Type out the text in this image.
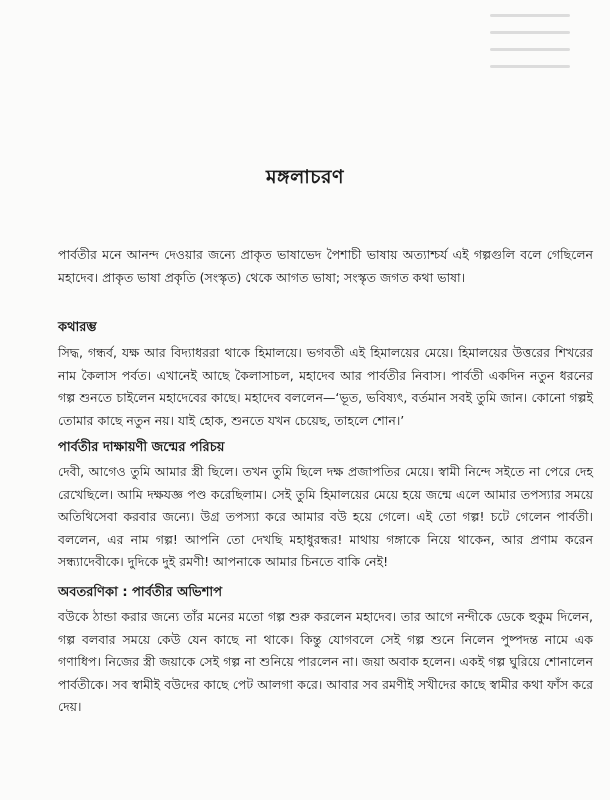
মঙ্গলাচরণ

পার্বতীর মনে আনন্দ দেওয়ার জন্যে প্রাকৃত ভাষাভেদ পৈশাচী ভাষায় অত্যাশ্চর্য এই গল্পগুলি বলে গেছিলেন মহাদেব। প্রাকৃত ভাষা প্রকৃতি (সংস্কৃত) থেকে আগত ভাষা; সংস্কৃত জগত কথা ভাষা।

কথারম্ভ

সিদ্ধ, গন্ধর্ব, যক্ষ আর বিদ্যাধররা থাকে হিমালয়ে। ভগবতী এই হিমালয়ের মেয়ে। হিমালয়ের উত্তরের শিখরের নাম কৈলাস পর্বত। এখানেই আছে কৈলাসাচল, মহাদেব আর পার্বতীর নিবাস। পার্বতী একদিন নতুন ধরনের গল্প শুনতে চাইলেন মহাদেবের কাছে। মহাদেব বললেন—‘ভূত, ভবিষ্যৎ, বর্তমান সবই তুমি জান। কোনো গল্পই তোমার কাছে নতুন নয়। যাই হোক, শুনতে যখন চেয়েছ, তাহলে শোন।’

পার্বতীর দাক্ষায়ণী জন্মের পরিচয়

দেবী, আগেও তুমি আমার স্ত্রী ছিলে। তখন তুমি ছিলে দক্ষ প্রজাপতির মেয়ে। স্বামী নিন্দে সইতে না পেরে দেহ রেখেছিলে। আমি দক্ষযজ্ঞ পণ্ড করেছিলাম। সেই তুমি হিমালয়ের মেয়ে হয়ে জন্মে এলে আমার তপস্যার সময়ে অতিথিসেবা করবার জন্যে। উগ্র তপস্যা করে আমার বউ হয়ে গেলে। এই তো গল্প! চটে গেলেন পার্বতী। বললেন, এর নাম গল্প! আপনি তো দেখছি মহাধুরন্ধর! মাথায় গঙ্গাকে নিয়ে থাকেন, আর প্রণাম করেন সন্ধ্যাদেবীকে। দুদিকে দুই রমণী! আপনাকে আমার চিনতে বাকি নেই!

অবতরণিকা : পার্বতীর অভিশাপ

বউকে ঠান্ডা করার জন্যে তাঁর মনের মতো গল্প শুরু করলেন মহাদেব। তার আগে নন্দীকে ডেকে হুকুম দিলেন, গল্প বলবার সময়ে কেউ যেন কাছে না থাকে। কিন্তু যোগবলে সেই গল্প শুনে নিলেন পুষ্পদন্ত নামে এক গণাধিপ। নিজের স্ত্রী জয়াকে সেই গল্প না শুনিয়ে পারলেন না। জয়া অবাক হলেন। একই গল্প ঘুরিয়ে শোনালেন পার্বতীকে। সব স্বামীই বউদের কাছে পেট আলগা করে। আবার সব রমণীই সখীদের কাছে স্বামীর কথা ফাঁস করে দেয়।
